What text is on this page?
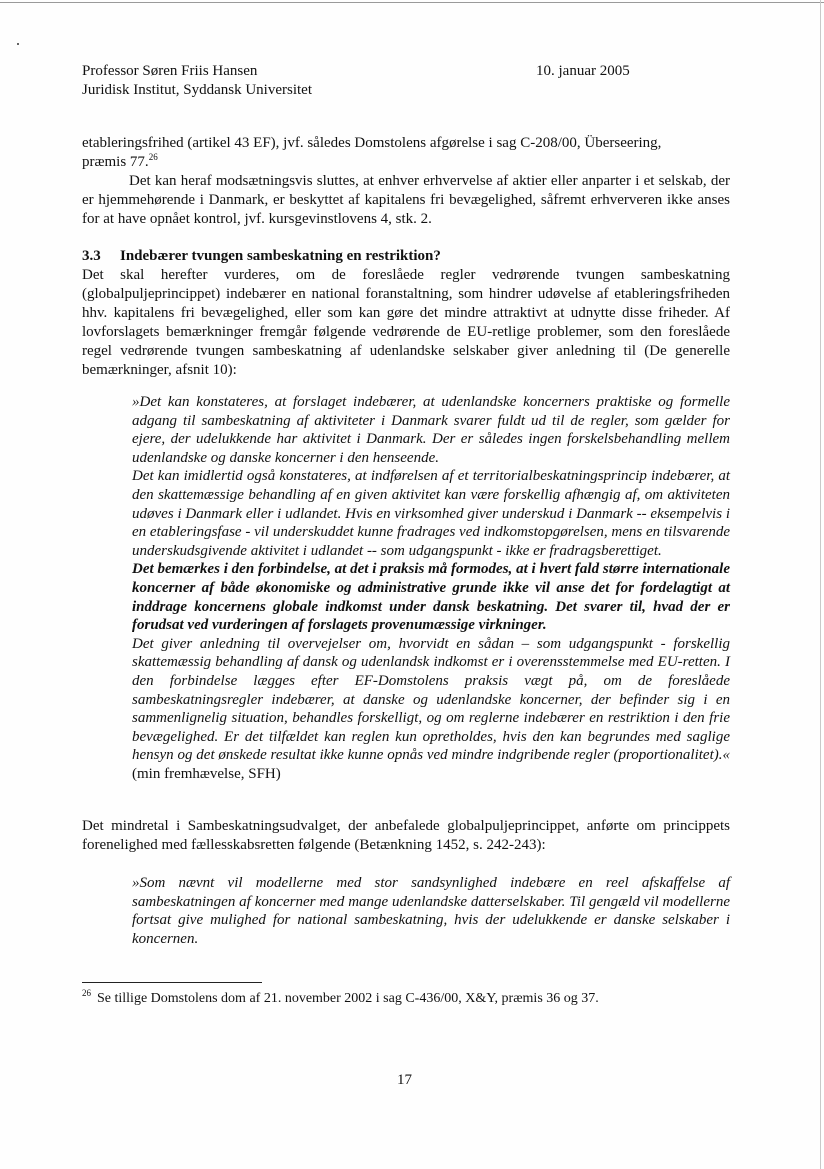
Professor Søren Friis Hansen
Juridisk Institut, Syddansk Universitet
10. januar 2005

etableringsfrihed (artikel 43 EF), jvf. således Domstolens afgørelse i sag C-208/00, Überseering,

præmis 77.26

Det kan heraf modsætningsvis sluttes, at enhver erhvervelse af aktier eller anparter i et selskab, der er hjemmehørende i Danmark, er beskyttet af kapitalens fri bevægelighed, såfremt erhververen ikke anses for at have opnået kontrol, jvf. kursgevinstlovens 4, stk. 2.

3.3 Indebærer tvungen sambeskatning en restriktion?

Det skal herefter vurderes, om de foreslåede regler vedrørende tvungen sambeskatning (globalpuljeprincippet) indebærer en national foranstaltning, som hindrer udøvelse af etableringsfriheden hhv. kapitalens fri bevægelighed, eller som kan gøre det mindre attraktivt at udnytte disse friheder. Af lovforslagets bemærkninger fremgår følgende vedrørende de EU-retlige problemer, som den foreslåede regel vedrørende tvungen sambeskatning af udenlandske selskaber giver anledning til (De generelle bemærkninger, afsnit 10):

»Det kan konstateres, at forslaget indebærer, at udenlandske koncerners praktiske og formelle adgang til sambeskatning af aktiviteter i Danmark svarer fuldt ud til de regler, som gælder for ejere, der udelukkende har aktivitet i Danmark. Der er således ingen forskelsbehandling mellem udenlandske og danske koncerner i den henseende.

Det kan imidlertid også konstateres, at indførelsen af et territorialbeskatningsprincip indebærer, at den skattemæssige behandling af en given aktivitet kan være forskellig afhængig af, om aktiviteten udøves i Danmark eller i udlandet. Hvis en virksomhed giver underskud i Danmark -- eksempelvis i en etableringsfase - vil underskuddet kunne fradrages ved indkomstopgørelsen, mens en tilsvarende underskudsgivende aktivitet i udlandet -- som udgangspunkt - ikke er fradragsberettiget.

Det bemærkes i den forbindelse, at det i praksis må formodes, at i hvert fald større internationale koncerner af både økonomiske og administrative grunde ikke vil anse det for fordelagtigt at inddrage koncernens globale indkomst under dansk beskatning. Det svarer til, hvad der er forudsat ved vurderingen af forslagets provenumæssige virkninger.

Det giver anledning til overvejelser om, hvorvidt en sådan – som udgangspunkt - forskellig skattemæssig behandling af dansk og udenlandsk indkomst er i overensstemmelse med EU-retten. I den forbindelse lægges efter EF-Domstolens praksis vægt på, om de foreslåede sambeskatningsregler indebærer, at danske og udenlandske koncerner, der befinder sig i en sammenlignelig situation, behandles forskelligt, og om reglerne indebærer en restriktion i den frie bevægelighed. Er det tilfældet kan reglen kun opretholdes, hvis den kan begrundes med saglige hensyn og det ønskede resultat ikke kunne opnås ved mindre indgribende regler (proportionalitet).« (min fremhævelse, SFH)

Det mindretal i Sambeskatningsudvalget, der anbefalede globalpuljeprincippet, anførte om princippets forenelighed med fællesskabsretten følgende (Betænkning 1452, s. 242-243):

»Som nævnt vil modellerne med stor sandsynlighed indebære en reel afskaffelse af sambeskatningen af koncerner med mange udenlandske datterselskaber. Til gengæld vil modellerne fortsat give mulighed for national sambeskatning, hvis der udelukkende er danske selskaber i koncernen.

$^{26}$ Se tillige Domstolens dom af 21. november 2002 i sag C-436/00, X&Y, præmis 36 og 37.
17
